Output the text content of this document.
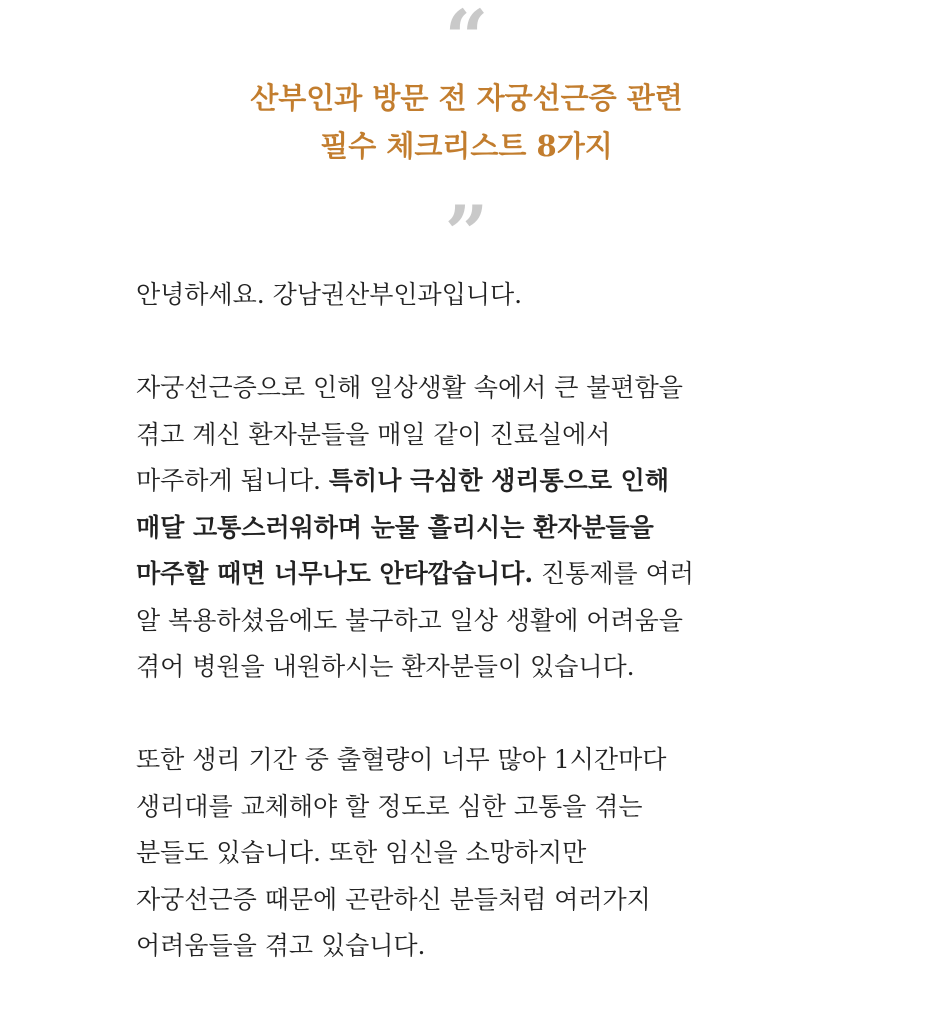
“
산부인과 방문 전 자궁선근증 관련
필수 체크리스트 8가지
”
안녕하세요. 강남권산부인과입니다.
자궁선근증으로 인해 일상생활 속에서 큰 불편함을
겪고 계신 환자분들을 매일 같이 진료실에서
마주하게 됩니다. 특히나 극심한 생리통으로 인해
매달 고통스러워하며 눈물 흘리시는 환자분들을
마주할 때면 너무나도 안타깝습니다. 진통제를 여러
알 복용하셨음에도 불구하고 일상 생활에 어려움을
겪어 병원을 내원하시는 환자분들이 있습니다.
또한 생리 기간 중 출혈량이 너무 많아 1시간마다
생리대를 교체해야 할 정도로 심한 고통을 겪는
분들도 있습니다. 또한 임신을 소망하지만
자궁선근증 때문에 곤란하신 분들처럼 여러가지
어려움들을 겪고 있습니다.
